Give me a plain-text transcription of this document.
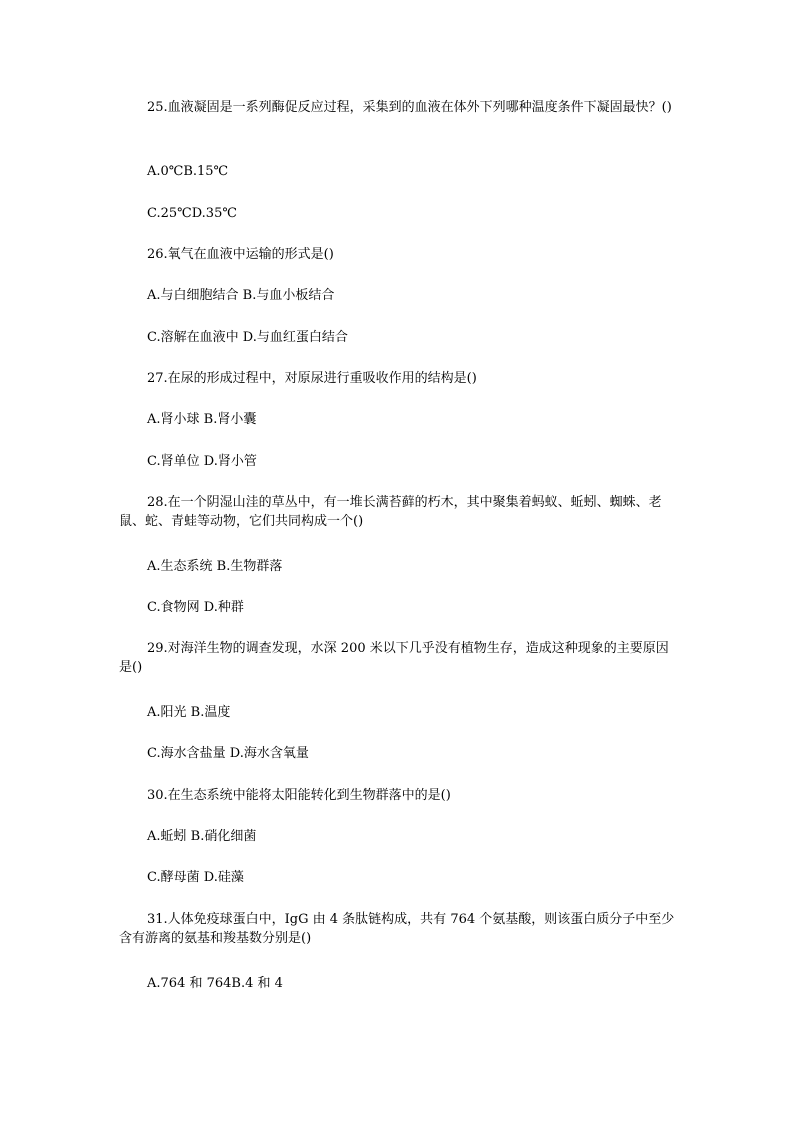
25.血液凝固是一系列酶促反应过程，采集到的血液在体外下列哪种温度条件下凝固最快？()
A.0℃B.15℃
C.25℃D.35℃
26.氧气在血液中运输的形式是()
A.与白细胞结合 B.与血小板结合
C.溶解在血液中 D.与血红蛋白结合
27.在尿的形成过程中，对原尿进行重吸收作用的结构是()
A.肾小球 B.肾小囊
C.肾单位 D.肾小管
28.在一个阴湿山洼的草丛中，有一堆长满苔藓的朽木，其中聚集着蚂蚁、蚯蚓、蜘蛛、老鼠、蛇、青蛙等动物，它们共同构成一个()
A.生态系统 B.生物群落
C.食物网 D.种群
29.对海洋生物的调查发现，水深 200 米以下几乎没有植物生存，造成这种现象的主要原因是()
A.阳光 B.温度
C.海水含盐量 D.海水含氧量
30.在生态系统中能将太阳能转化到生物群落中的是()
A.蚯蚓 B.硝化细菌
C.酵母菌 D.硅藻
31.人体免疫球蛋白中，IgG 由 4 条肽链构成，共有 764 个氨基酸，则该蛋白质分子中至少含有游离的氨基和羧基数分别是()
A.764 和 764B.4 和 4
